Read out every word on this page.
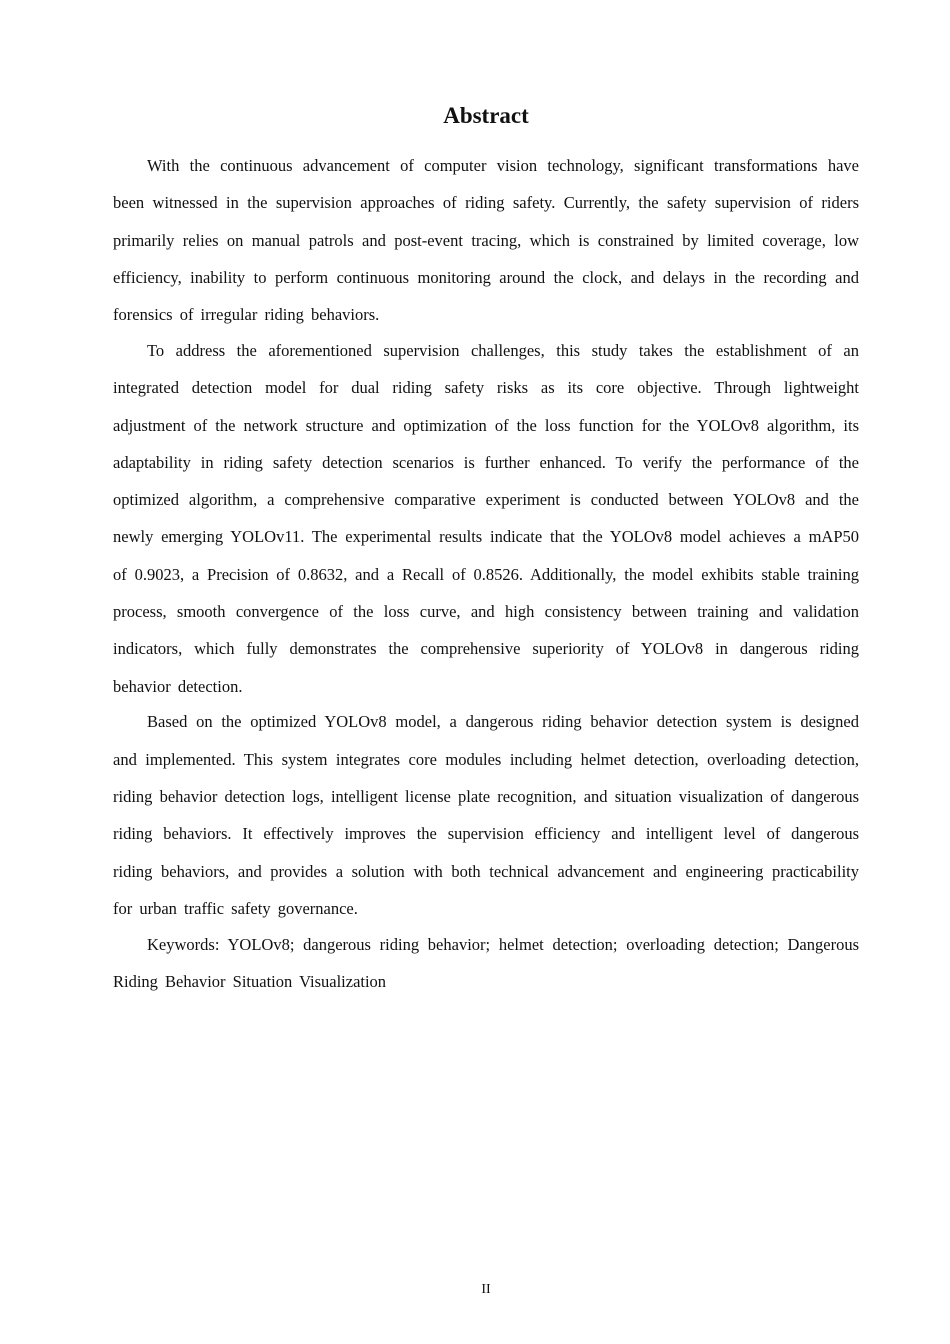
Abstract

With the continuous advancement of computer vision technology, significant transformations have been witnessed in the supervision approaches of riding safety. Currently, the safety supervision of riders primarily relies on manual patrols and post-event tracing, which is constrained by limited coverage, low efficiency, inability to perform continuous monitoring around the clock, and delays in the recording and forensics of irregular riding behaviors.

To address the aforementioned supervision challenges, this study takes the establishment of an integrated detection model for dual riding safety risks as its core objective. Through lightweight adjustment of the network structure and optimization of the loss function for the YOLOv8 algorithm, its adaptability in riding safety detection scenarios is further enhanced. To verify the performance of the optimized algorithm, a comprehensive comparative experiment is conducted between YOLOv8 and the newly emerging YOLOv11. The experimental results indicate that the YOLOv8 model achieves a mAP50 of 0.9023, a Precision of 0.8632, and a Recall of 0.8526. Additionally, the model exhibits stable training process, smooth convergence of the loss curve, and high consistency between training and validation indicators, which fully demonstrates the comprehensive superiority of YOLOv8 in dangerous riding behavior detection.

Based on the optimized YOLOv8 model, a dangerous riding behavior detection system is designed and implemented. This system integrates core modules including helmet detection, overloading detection, riding behavior detection logs, intelligent license plate recognition, and situation visualization of dangerous riding behaviors. It effectively improves the supervision efficiency and intelligent level of dangerous riding behaviors, and provides a solution with both technical advancement and engineering practicability for urban traffic safety governance.

Keywords: YOLOv8; dangerous riding behavior; helmet detection; overloading detection; Dangerous Riding Behavior Situation Visualization

II
